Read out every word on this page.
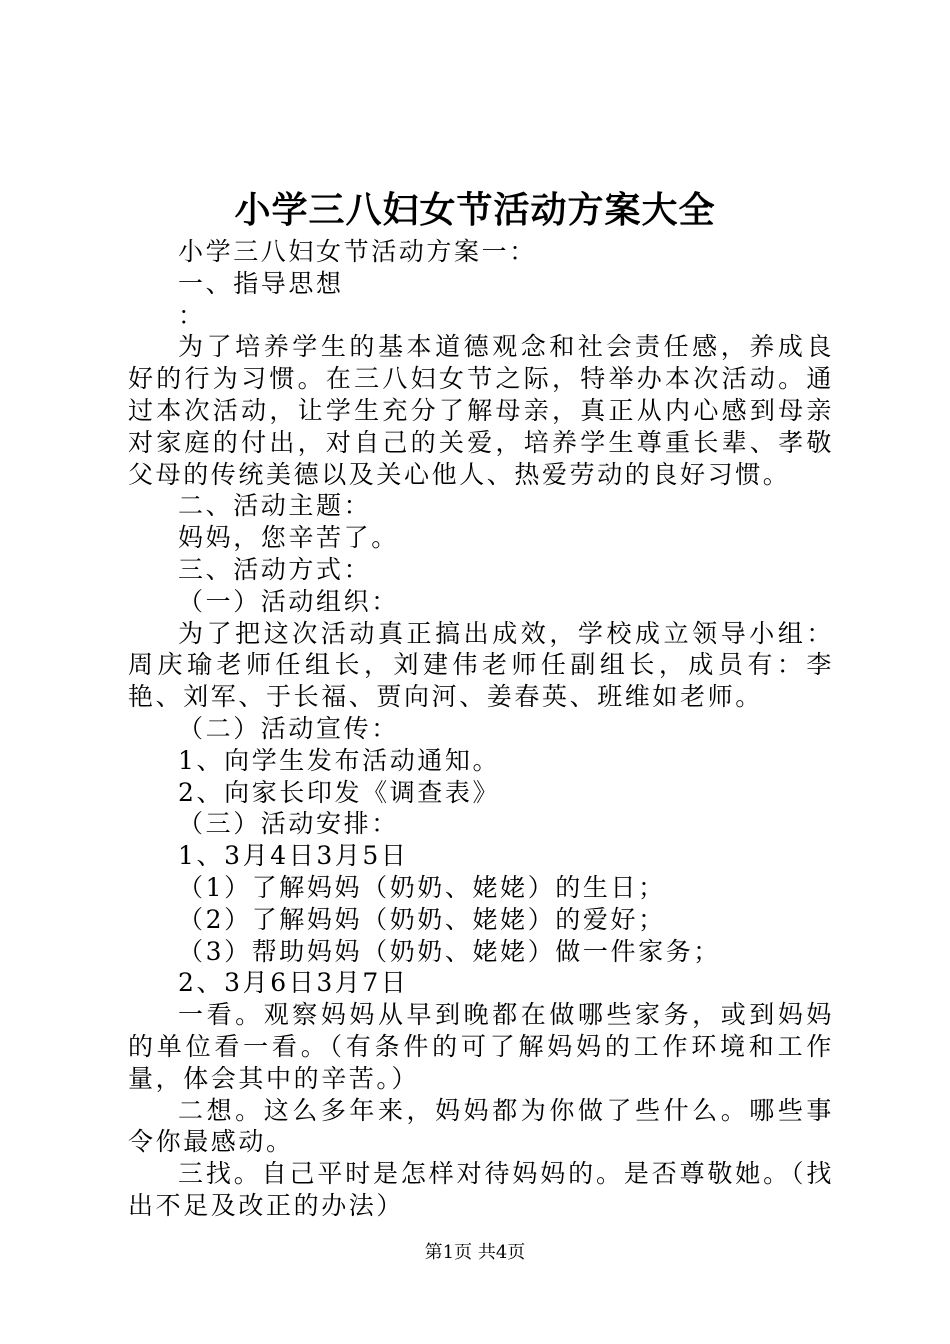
小学三八妇女节活动方案大全

小学三八妇女节活动方案一：

一、指导思想

：

为了培养学生的基本道德观念和社会责任感，养成良好的行为习惯。在三八妇女节之际，特举办本次活动。通过本次活动，让学生充分了解母亲，真正从内心感到母亲对家庭的付出，对自己的关爱，培养学生尊重长辈、孝敬父母的传统美德以及关心他人、热爱劳动的良好习惯。

二、活动主题：

妈妈，您辛苦了。

三、活动方式：

（一）活动组织：

为了把这次活动真正搞出成效，学校成立领导小组：周庆瑜老师任组长，刘建伟老师任副组长，成员有：李艳、刘军、于长福、贾向河、姜春英、班维如老师。

（二）活动宣传：

1、向学生发布活动通知。

2、向家长印发《调查表》

（三）活动安排：

1、3月4日3月5日

（1）了解妈妈（奶奶、姥姥）的生日；

（2）了解妈妈（奶奶、姥姥）的爱好；

（3）帮助妈妈（奶奶、姥姥）做一件家务；

2、3月6日3月7日

一看。观察妈妈从早到晚都在做哪些家务，或到妈妈的单位看一看。（有条件的可了解妈妈的工作环境和工作量，体会其中的辛苦。）

二想。这么多年来，妈妈都为你做了些什么。哪些事令你最感动。

三找。自己平时是怎样对待妈妈的。是否尊敬她。（找出不足及改正的办法）

第1页 共4页
